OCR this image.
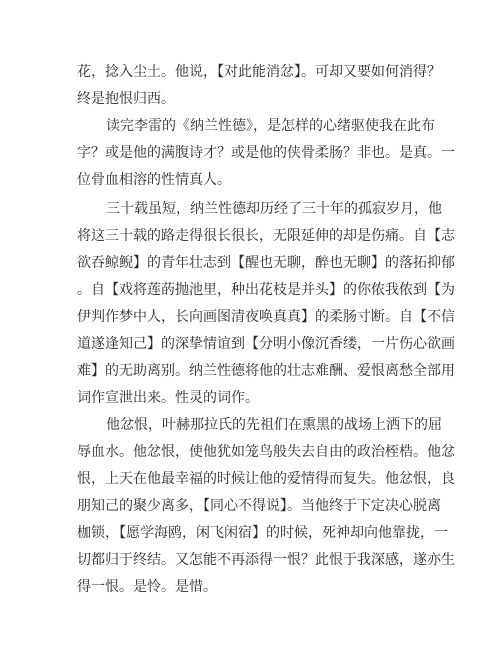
花，捻入尘土。他说，【对此能消忿】。可却又要如何消得？
终是抱恨归西。
读完李雷的《纳兰性德》，是怎样的心绪驱使我在此布
字？或是他的满腹诗才？或是他的侠骨柔肠？非也。是真。一
位骨血相溶的性情真人。
三十载虽短，纳兰性德却历经了三十年的孤寂岁月，他
将这三十载的路走得很长很长，无限延伸的却是伤痛。自【志
欲吞鲸鲵】的青年壮志到【醒也无聊，醉也无聊】的落拓抑郁
。自【戏将莲菂抛池里，种出花枝是并头】的你侬我侬到【为
伊判作梦中人，长向画图清夜唤真真】的柔肠寸断。自【不信
道遂逢知己】的深挚情谊到【分明小像沉香缕，一片伤心欲画
难】的无助离别。纳兰性德将他的壮志难酬、爱恨离愁全部用
词作宣泄出来。性灵的词作。
他忿恨，叶赫那拉氏的先祖们在熏黑的战场上洒下的屈
辱血水。他忿恨，使他犹如笼鸟般失去自由的政治桎梏。他忿
恨，上天在他最幸福的时候让他的爱情得而复失。他忿恨，良
朋知己的聚少离多，【同心不得说】。当他终于下定决心脱离
枷锁，【愿学海鸥，闲飞闲宿】的时候，死神却向他靠拢，一
切都归于终结。又怎能不再添得一恨？此恨于我深感，遂亦生
得一恨。是怜。是惜。
